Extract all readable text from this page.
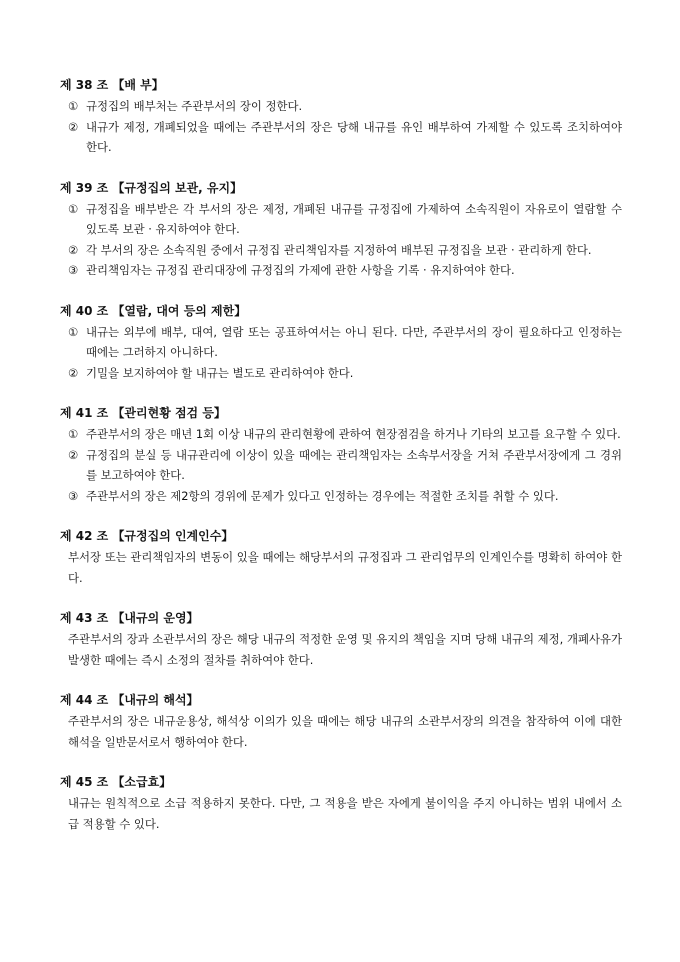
제 38 조 【배 부】
① 규정집의 배부처는 주관부서의 장이 정한다.
② 내규가 제정, 개폐되었을 때에는 주관부서의 장은 당해 내규를 유인 배부하여 가제할 수 있도록 조치하여야 한다.
제 39 조 【규정집의 보관, 유지】
① 규정집을 배부받은 각 부서의 장은 제정, 개폐된 내규를 규정집에 가제하여 소속직원이 자유로이 열람할 수 있도록 보관 · 유지하여야 한다.
② 각 부서의 장은 소속직원 중에서 규정집 관리책임자를 지정하여 배부된 규정집을 보관 · 관리하게 한다.
③ 관리책임자는 규정집 관리대장에 규정집의 가제에 관한 사항을 기록 · 유지하여야 한다.
제 40 조 【열람, 대여 등의 제한】
① 내규는 외부에 배부, 대여, 열람 또는 공표하여서는 아니 된다. 다만, 주관부서의 장이 필요하다고 인정하는 때에는 그러하지 아니하다.
② 기밀을 보지하여야 할 내규는 별도로 관리하여야 한다.
제 41 조 【관리현황 점검 등】
① 주관부서의 장은 매년 1회 이상 내규의 관리현황에 관하여 현장점검을 하거나 기타의 보고를 요구할 수 있다.
② 규정집의 분실 등 내규관리에 이상이 있을 때에는 관리책임자는 소속부서장을 거쳐 주관부서장에게 그 경위를 보고하여야 한다.
③ 주관부서의 장은 제2항의 경위에 문제가 있다고 인정하는 경우에는 적절한 조치를 취할 수 있다.
제 42 조 【규정집의 인계인수】
부서장 또는 관리책임자의 변동이 있을 때에는 해당부서의 규정집과 그 관리업무의 인계인수를 명확히 하여야 한다.
제 43 조 【내규의 운영】
주관부서의 장과 소관부서의 장은 해당 내규의 적정한 운영 및 유지의 책임을 지며 당해 내규의 제정, 개폐사유가 발생한 때에는 즉시 소정의 절차를 취하여야 한다.
제 44 조 【내규의 해석】
주관부서의 장은 내규운용상, 해석상 이의가 있을 때에는 해당 내규의 소관부서장의 의견을 참작하여 이에 대한 해석을 일반문서로서 행하여야 한다.
제 45 조 【소급효】
내규는 원칙적으로 소급 적용하지 못한다. 다만, 그 적용을 받은 자에게 불이익을 주지 아니하는 범위 내에서 소급 적용할 수 있다.
